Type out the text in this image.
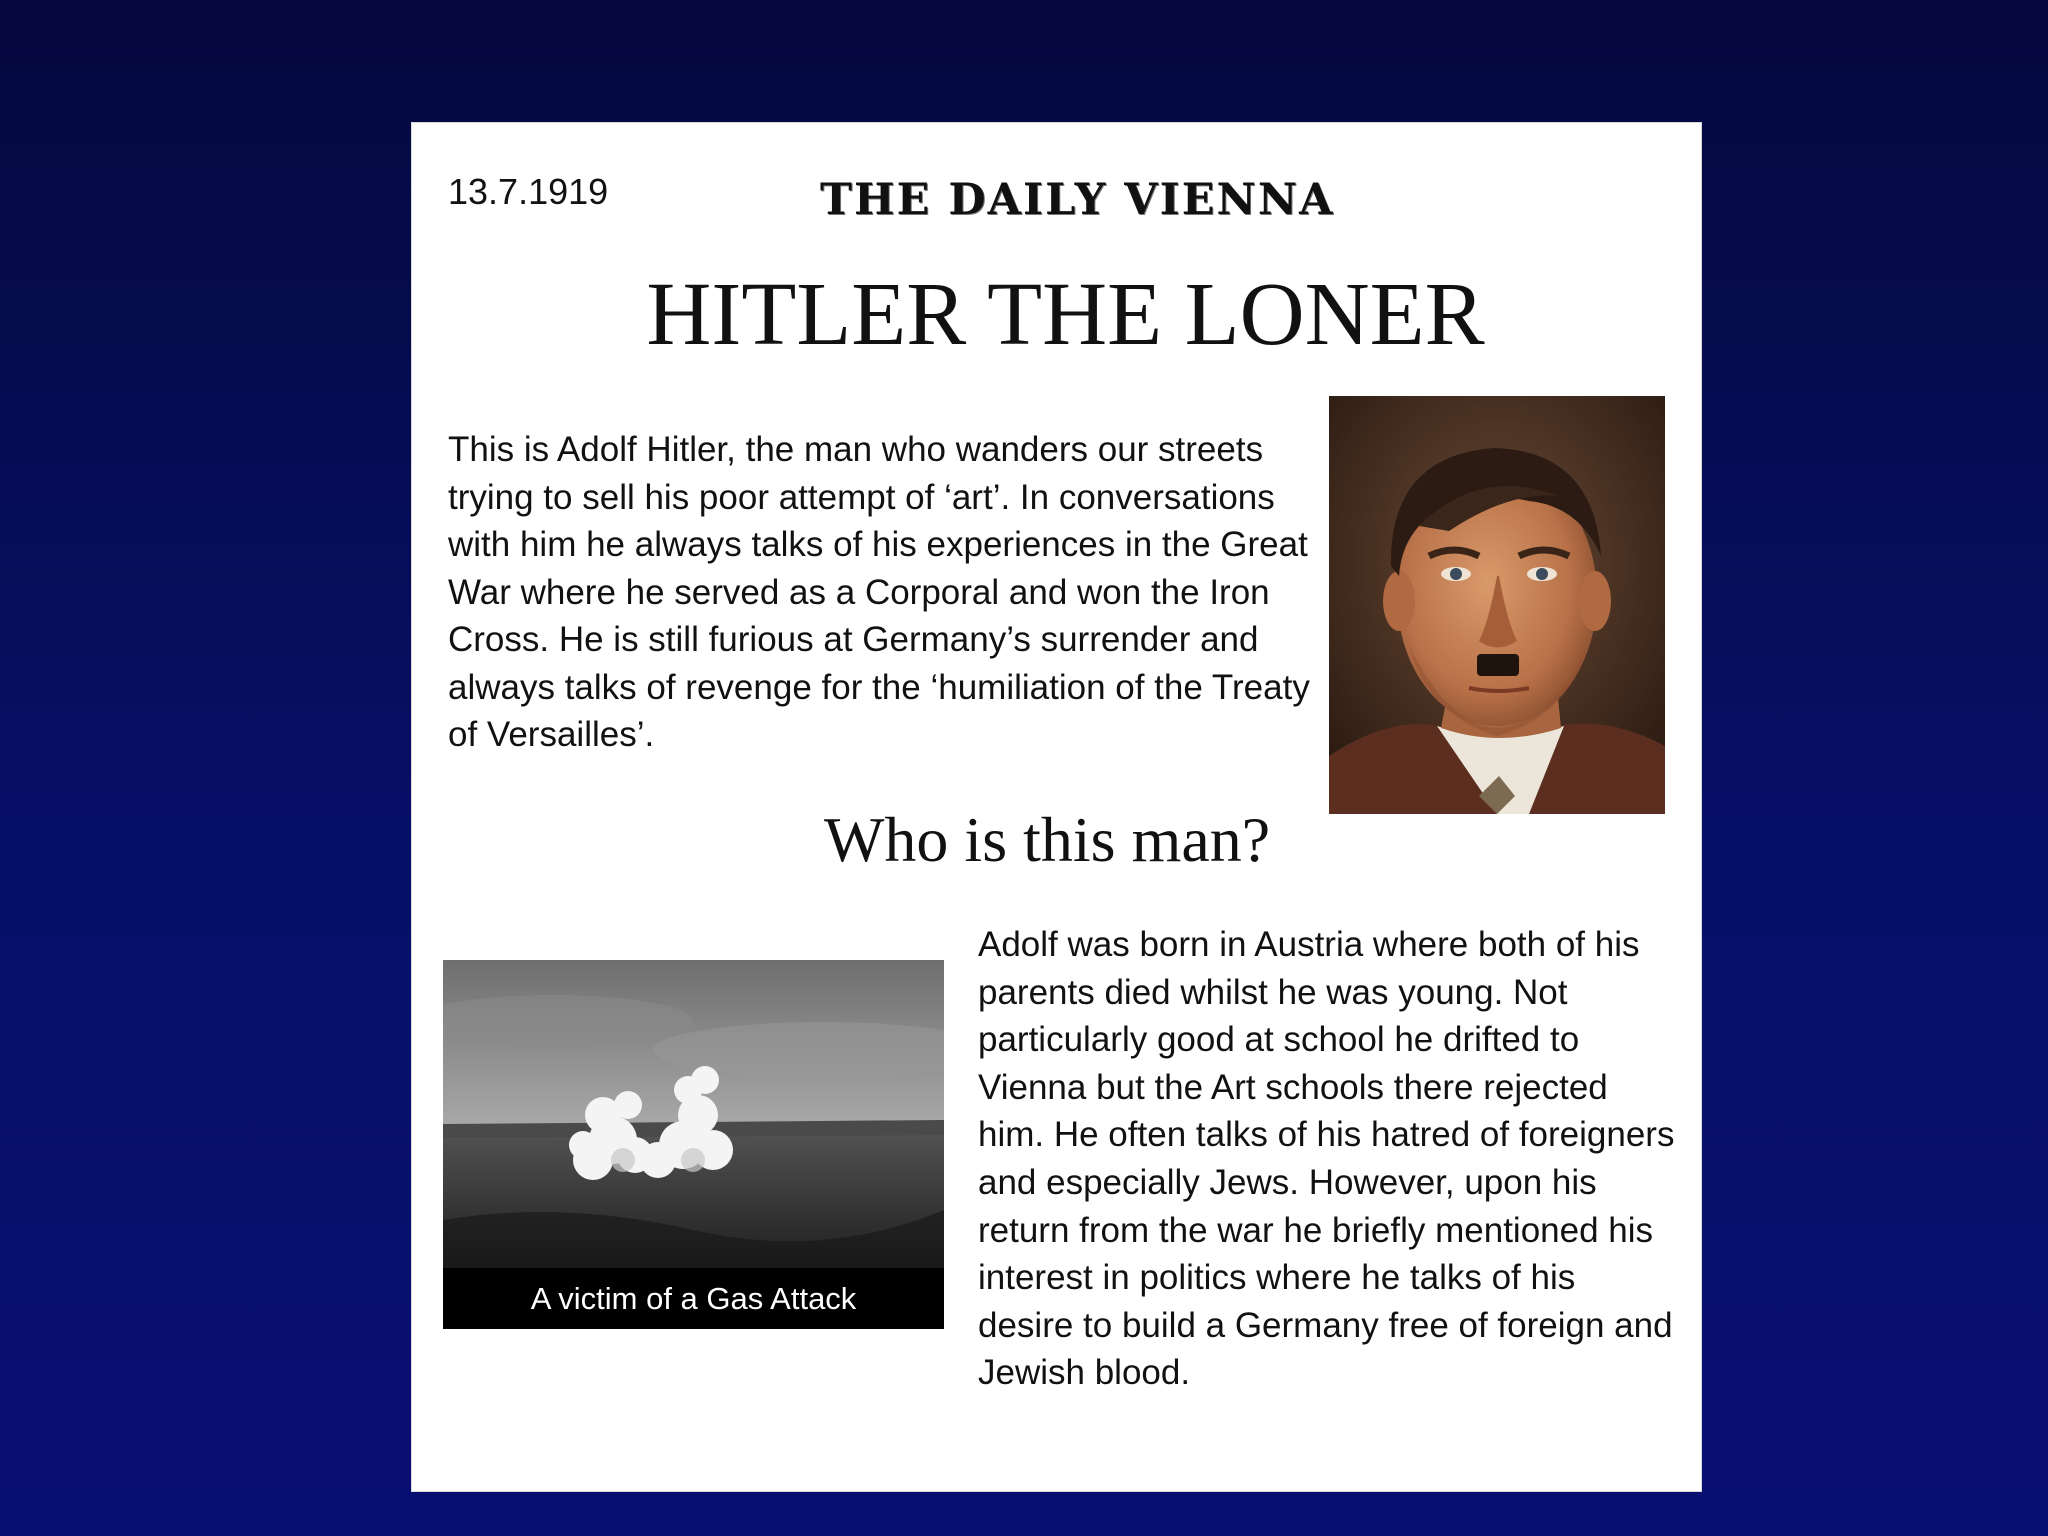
13.7.1919	THE DAILY VIENNA
HITLER THE LONER

This is Adolf Hitler, the man who wanders our streets trying to sell his poor attempt of ‘art’. In conversations with him he always talks of his experiences in the Great War where he served as a Corporal and won the Iron Cross. He is still furious at Germany’s surrender and always talks of revenge for the ‘humiliation of the Treaty of Versailles’.

Who is this man?
A victim of a Gas Attack

Adolf was born in Austria where both of his parents died whilst he was young. Not particularly good at school he drifted to Vienna but the Art schools there rejected him. He often talks of his hatred of foreigners and especially Jews. However, upon his return from the war he briefly mentioned his interest in politics where he talks of his desire to build a Germany free of foreign and Jewish blood.
